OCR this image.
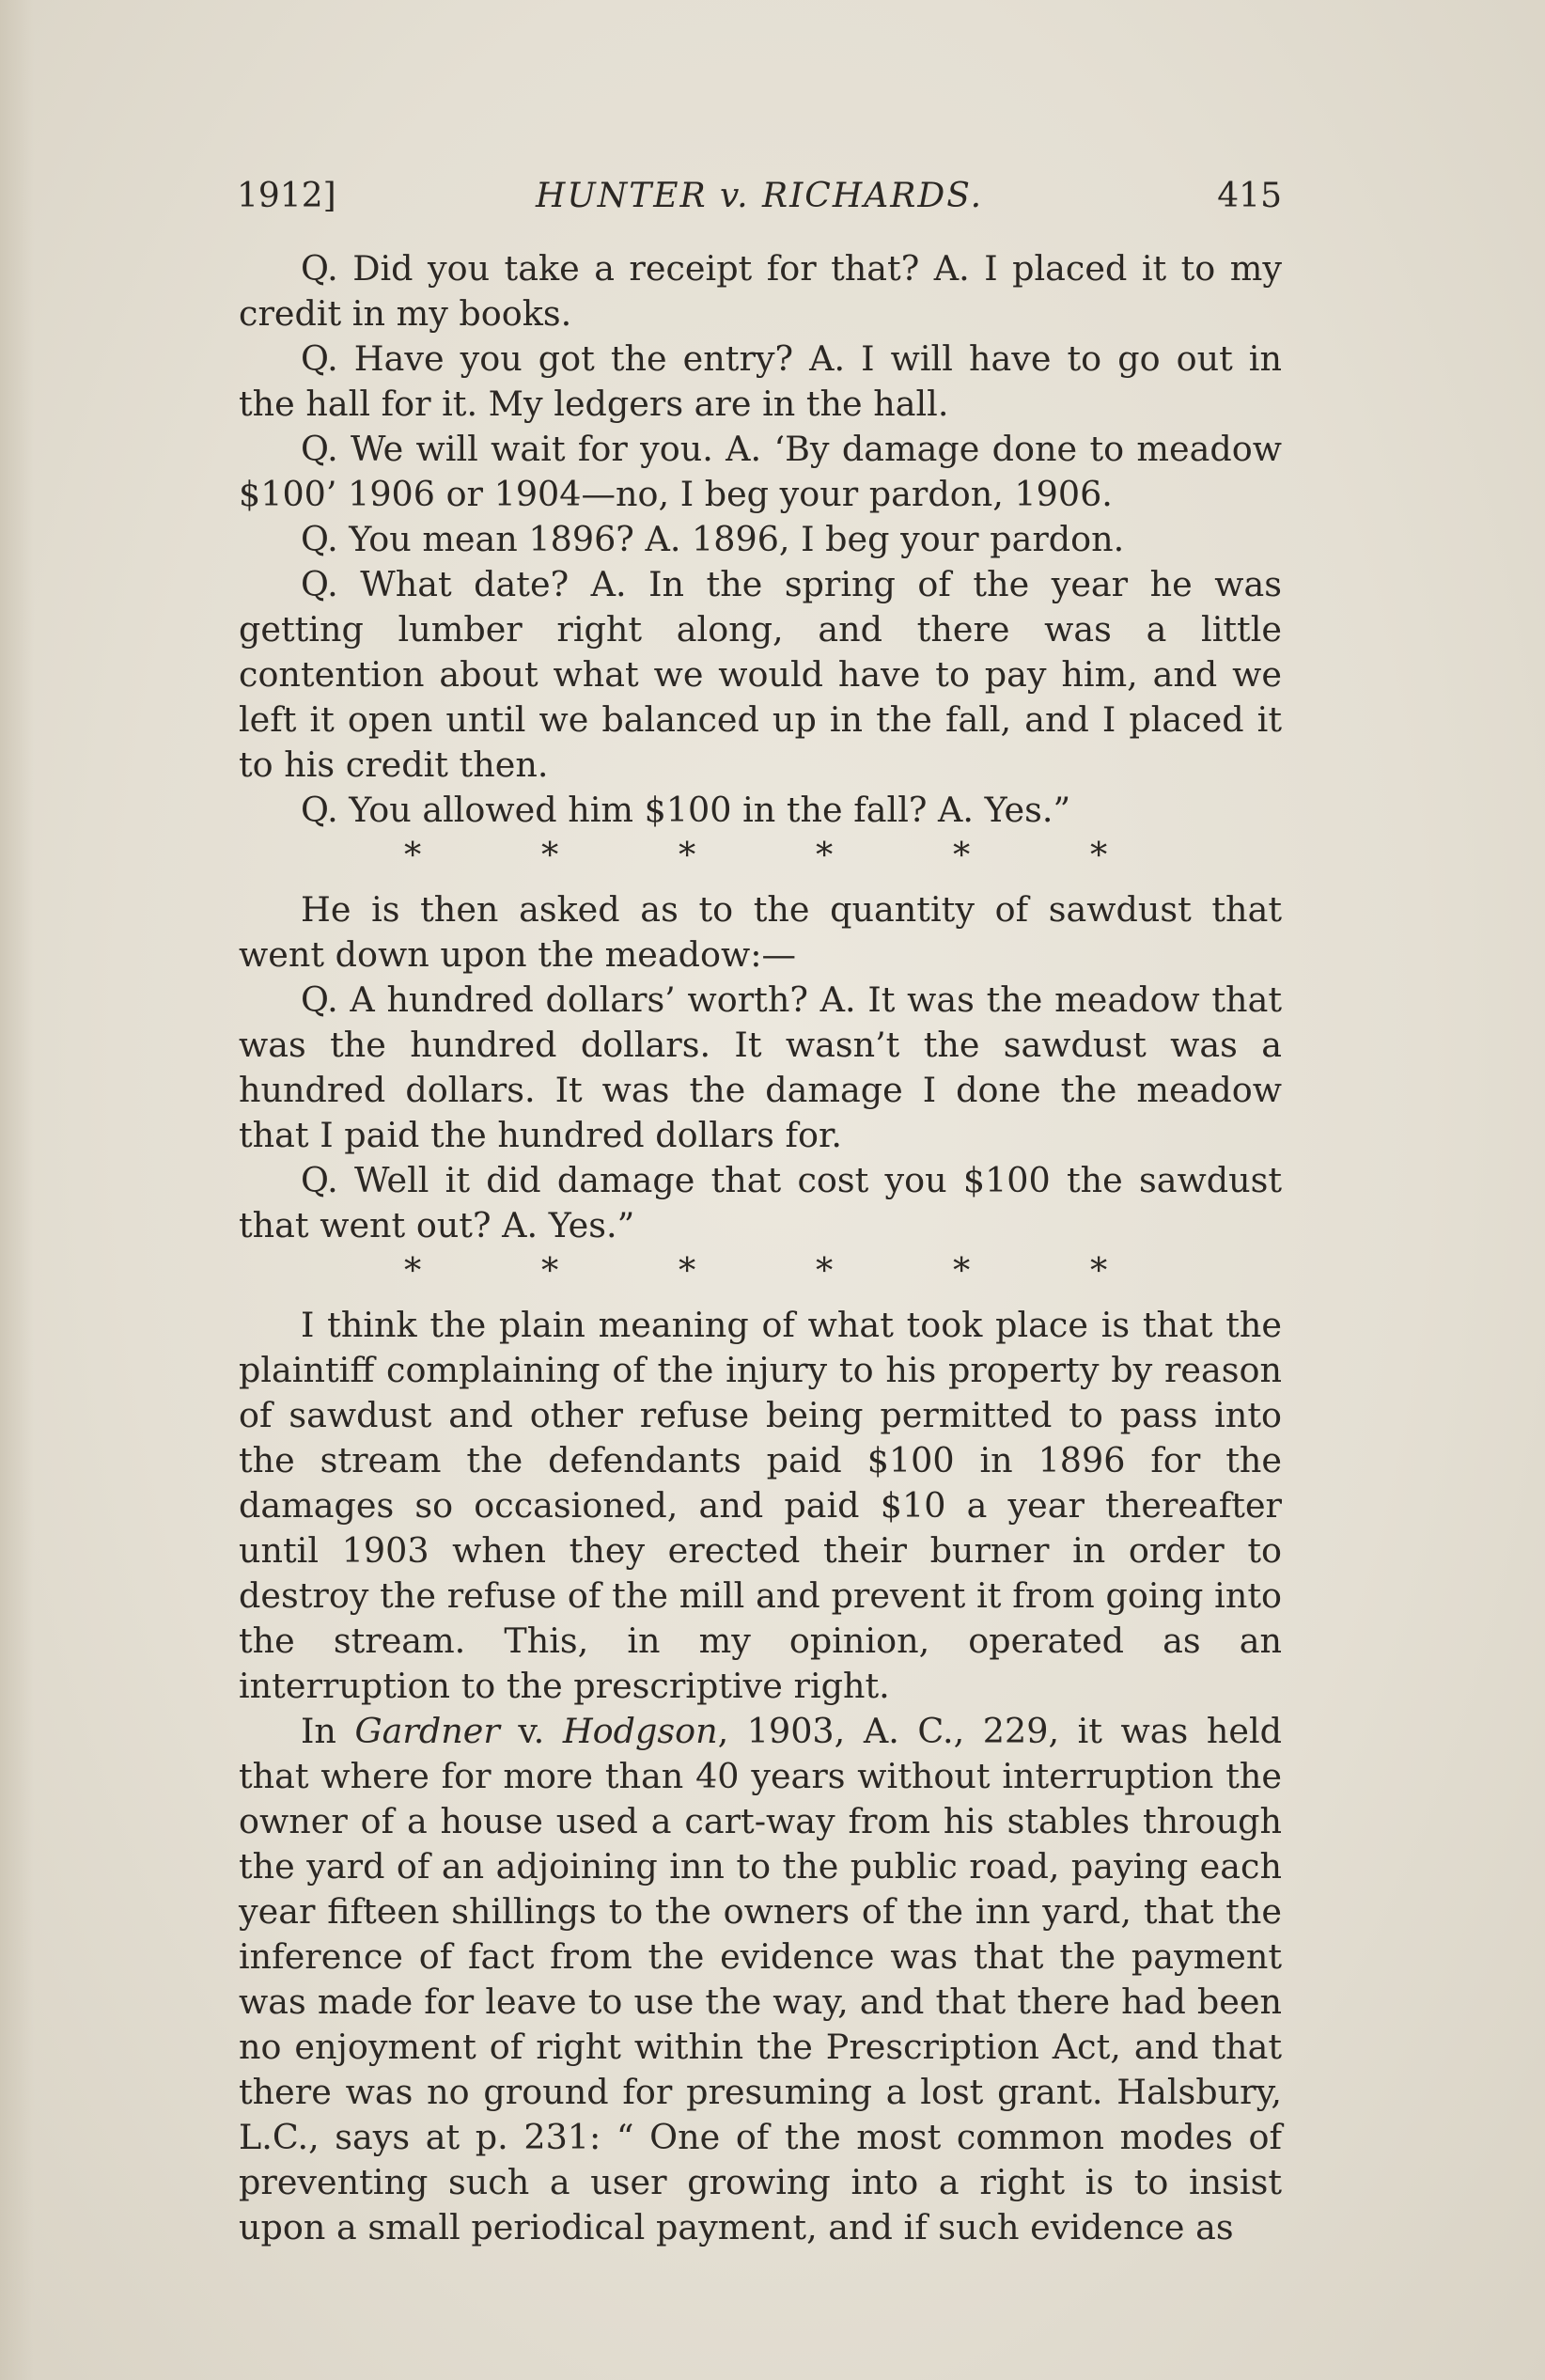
1912]	HUNTER v. RICHARDS.	415

Q. Did you take a receipt for that? A. I placed it to my credit in my books.

Q. Have you got the entry? A. I will have to go out in the hall for it. My ledgers are in the hall.

Q. We will wait for you. A. ‘By damage done to meadow $100’ 1906 or 1904—no, I beg your pardon, 1906.

Q. You mean 1896? A. 1896, I beg your pardon.

Q. What date? A. In the spring of the year he was getting lumber right along, and there was a little contention about what we would have to pay him, and we left it open until we balanced up in the fall, and I placed it to his credit then.

Q. You allowed him $100 in the fall? A. Yes.”

*	*	*	*	*	*

He is then asked as to the quantity of sawdust that went down upon the meadow:—

Q. A hundred dollars’ worth? A. It was the meadow that was the hundred dollars. It wasn’t the sawdust was a hundred dollars. It was the damage I done the meadow that I paid the hundred dollars for.

Q. Well it did damage that cost you $100 the sawdust that went out? A. Yes.”

*	*	*	*	*	*

I think the plain meaning of what took place is that the plaintiff complaining of the injury to his property by reason of sawdust and other refuse being permitted to pass into the stream the defendants paid $100 in 1896 for the damages so occasioned, and paid $10 a year thereafter until 1903 when they erected their burner in order to destroy the refuse of the mill and prevent it from going into the stream. This, in my opinion, operated as an interruption to the prescriptive right.

In Gardner v. Hodgson, 1903, A. C., 229, it was held that where for more than 40 years without interruption the owner of a house used a cart-way from his stables through the yard of an adjoining inn to the public road, paying each year fifteen shillings to the owners of the inn yard, that the inference of fact from the evidence was that the payment was made for leave to use the way, and that there had been no enjoyment of right within the Prescription Act, and that there was no ground for presuming a lost grant. Halsbury, L.C., says at p. 231: “ One of the most common modes of preventing such a user growing into a right is to insist upon a small periodical payment, and if such evidence as
